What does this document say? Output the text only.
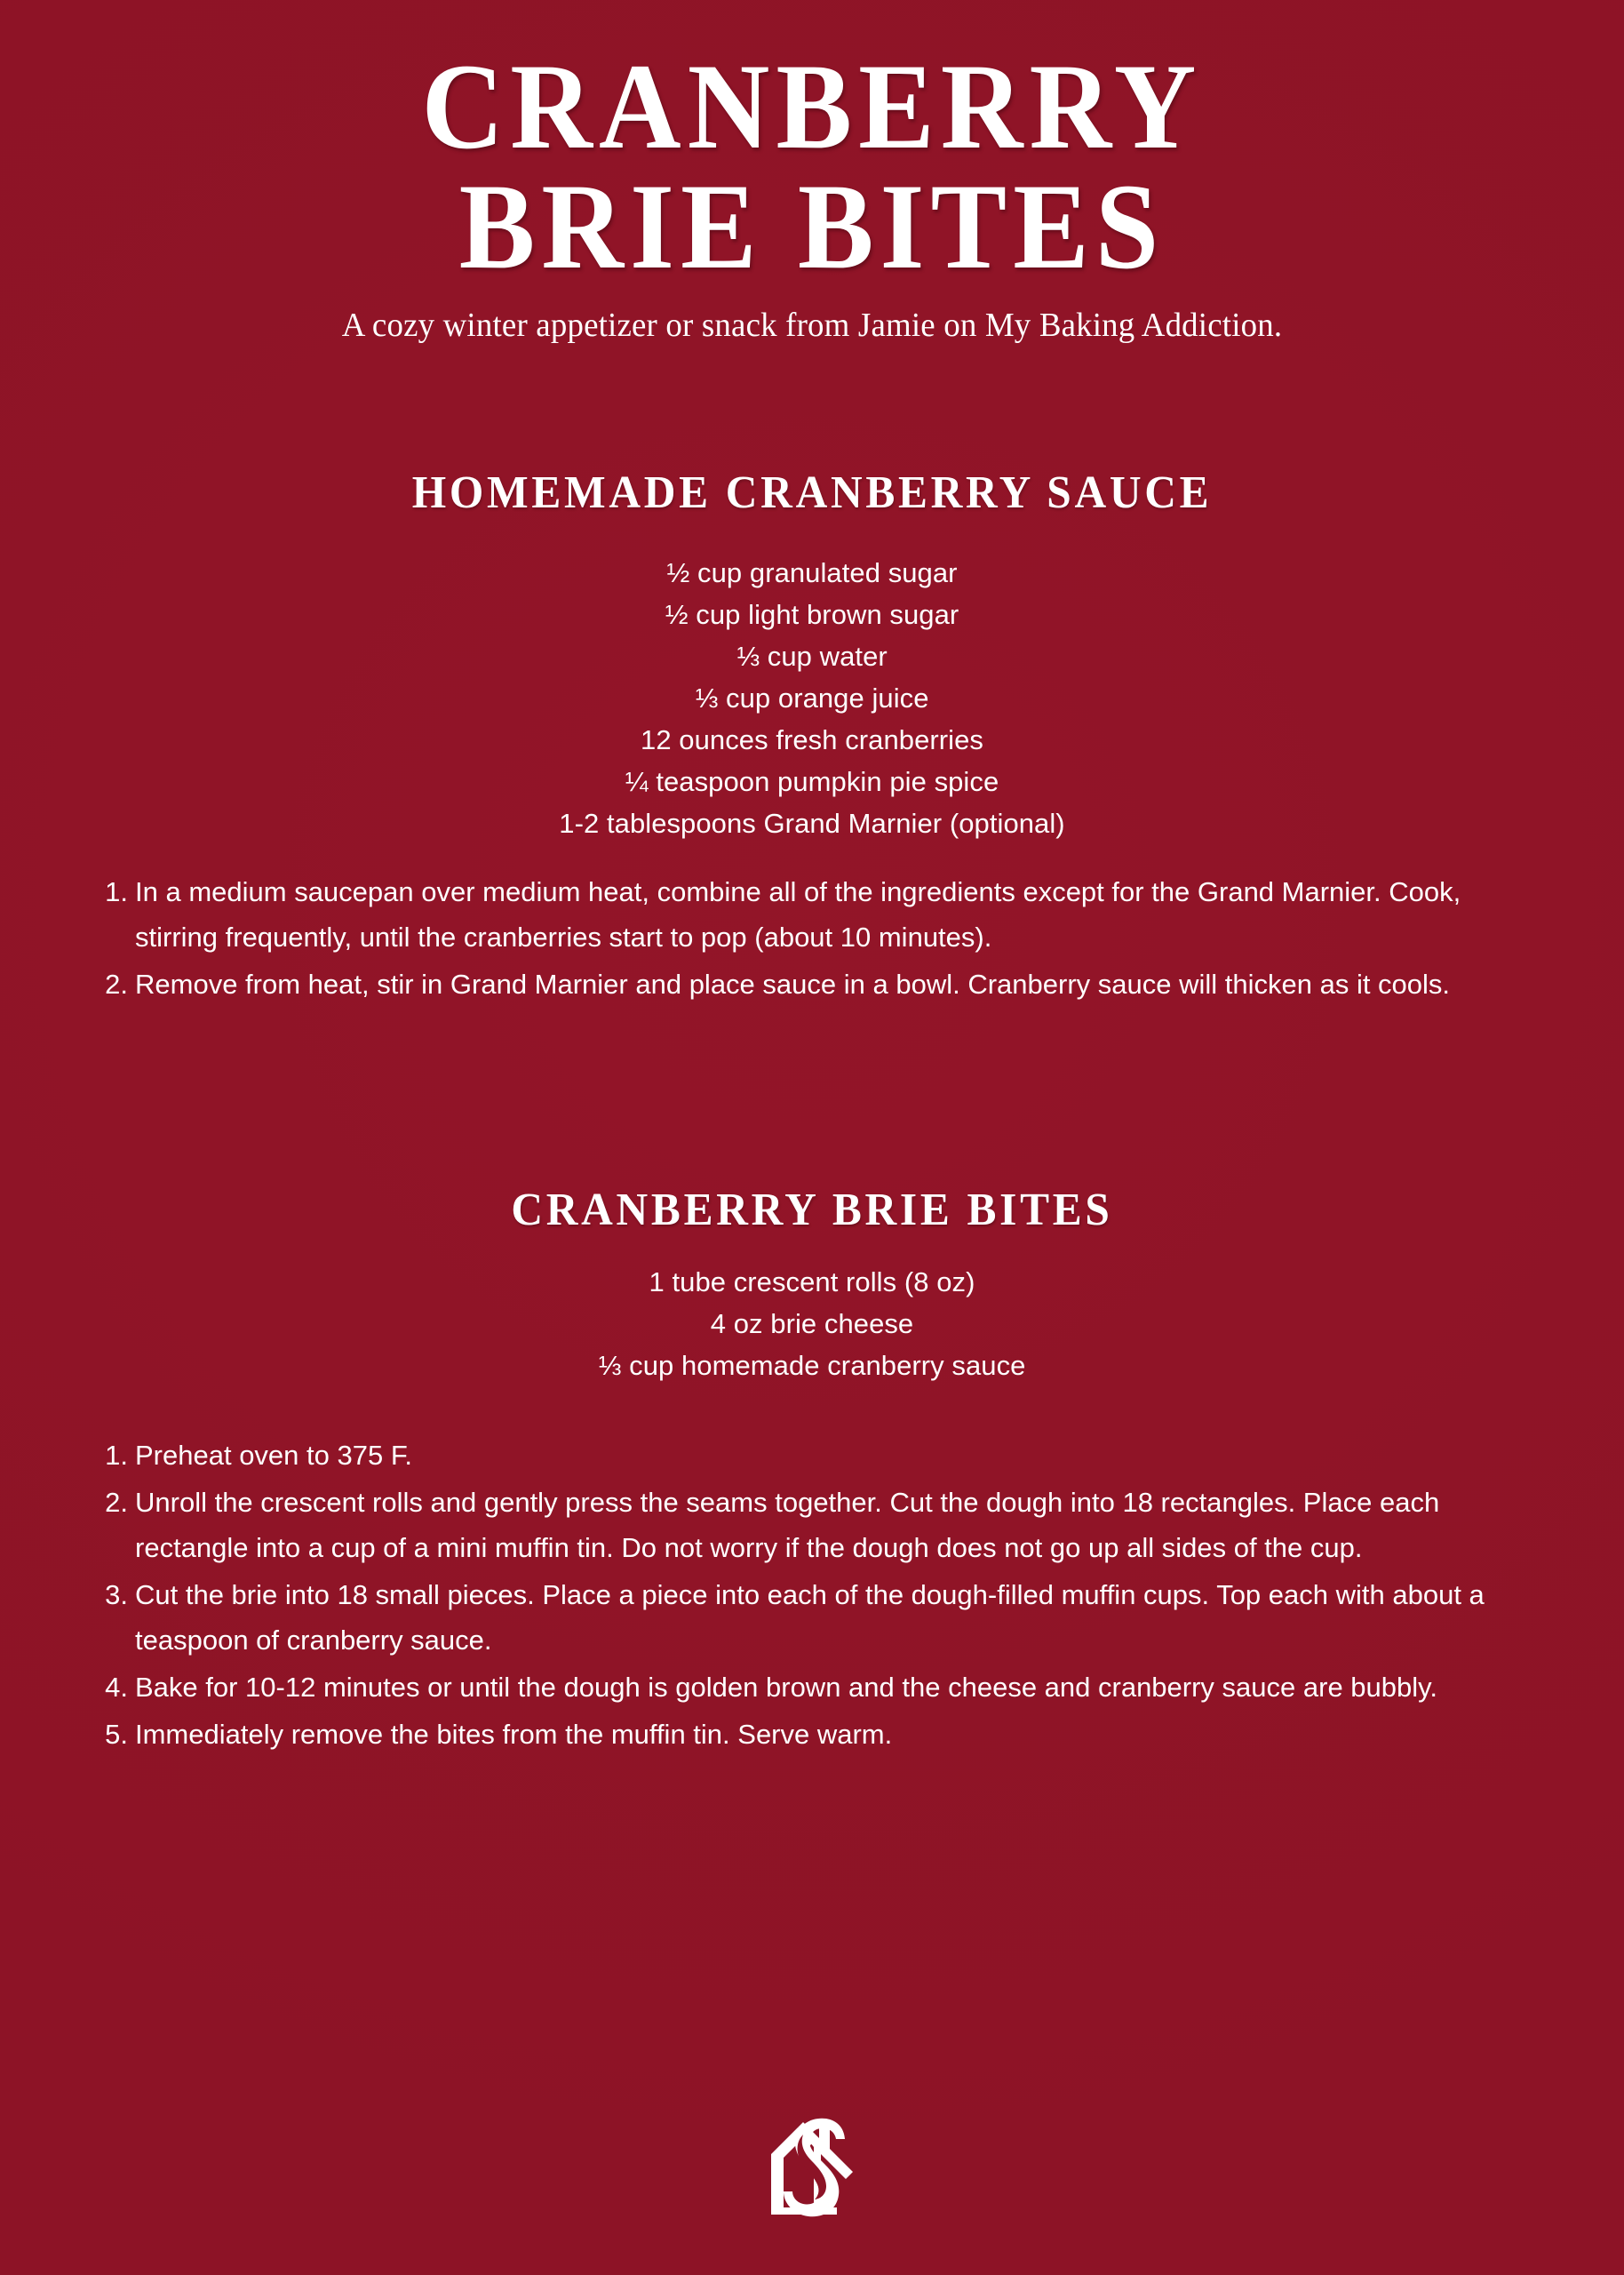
CRANBERRY
BRIE BITES

A cozy winter appetizer or snack from Jamie on My Baking Addiction.

HOMEMADE CRANBERRY SAUCE
½ cup granulated sugar
½ cup light brown sugar
⅓ cup water
⅓ cup orange juice
12 ounces fresh cranberries
¼ teaspoon pumpkin pie spice
1-2 tablespoons Grand Marnier (optional)
1. In a medium saucepan over medium heat, combine all of the ingredients except for the Grand Marnier. Cook, stirring frequently, until the cranberries start to pop (about 10 minutes).
2. Remove from heat, stir in Grand Marnier and place sauce in a bowl. Cranberry sauce will thicken as it cools.
CRANBERRY BRIE BITES
1 tube crescent rolls (8 oz)
4 oz brie cheese
⅓ cup homemade cranberry sauce
1. Preheat oven to 375 F.
2. Unroll the crescent rolls and gently press the seams together. Cut the dough into 18 rectangles. Place each rectangle into a cup of a mini muffin tin. Do not worry if the dough does not go up all sides of the cup.
3. Cut the brie into 18 small pieces. Place a piece into each of the dough-filled muffin cups. Top each with about a teaspoon of cranberry sauce.
4. Bake for 10-12 minutes or until the dough is golden brown and the cheese and cranberry sauce are bubbly.
5. Immediately remove the bites from the muffin tin. Serve warm.
